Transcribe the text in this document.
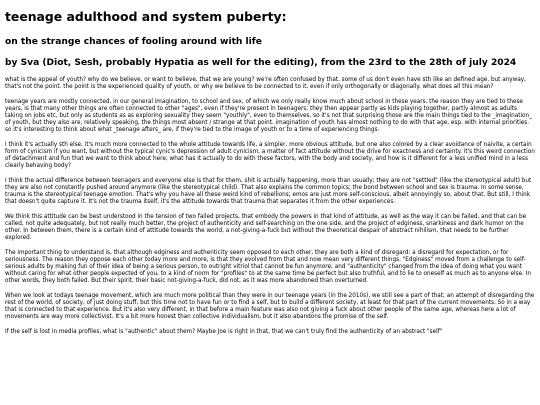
teenage adulthood and system puberty:
on the strange chances of fooling around with life
by Sva (Diot, Sesh, probably Hypatia as well for the editing), from the 23rd to the 28th of july 2024

what is the appeal of youth? why do we believe, or want to believe, that we are young? we're often confused by that. some of us don't even have sth like an defined age. but anyway, that's not the point. the point is the experienced quality of youth, or why we believe to be connected to it, even if only orthogonally or diagonally. what does all this mean?

teenage years are mostly connected, in our general imagination, to school and sex, of which we only really know much about school in these years. the reason they are tied to these years, is that many other things are often connected to other "ages", even if they're present in teenagers; they then appear partly as kids playing together, partly almost as adults taking on jobs etc, but only as students as as exploring sexuality they seem "youthly", even to themselves. so it's not that surprising those are the main things tied to the _imagination_ of youth, but they also are, relatively speaking, the things most absent / strange at that point. imagination of youth has almost nothing to do with that age, esp. with internal priorities. so it's interesting to think about what _teenage afters_ are, if they're tied to the image of youth or to a time of experiencing things.

I think it's actually sth else, it's much more connected to the whole attitude towards life, a simpler, more obvious attitude, but one also colored by a clear avoidance of naivite, a certain form of cynicism if you want, but without the typical cynic's depression of adult cynicism, a matter of fact attitude without the drive for exactness and certainty. it's this weird connection of detachment and fun that we want to think about here; what has it actually to do with these factors, with the body and society, and how is it different for a less unified mind in a less clearly behaving body?

I think the actual difference between teenagers and everyone else is that for them, shit is actually happening, more than usually; they are not "settled" (like the stereotypical adult) but they are also not constantly pushed around anymore (like the stereotypical child). That also explains the common topics; the bond between school and sex is trauma. In some sense, trauma is the stereotypical teenage emotion. That's why you have all these weird kind of rebellions; emos are just more self-conscious, albeit annoyingly so, about that. But still, I think that doesn't quite capture it. It's not the trauma itself, it's the attitude towards that trauma that separates it from the other experiences.

We think this attitude can be best understood in the tension of two failed projects, that embody the powers in that kind of attitude, as well as the way it can be failed, and that can be called, not quite adequately, but not really much better, the project of authenticity and self-searching on the one side, and the project of edginess, snarkiness and dark humor on the other. In between them, there is a certain kind of attitude towards the world, a not-giving-a-fuck but without the theoretical despair of abstract nihilism, that needs to be further explored.

The important thing to understand is, that although edginess and authenticity seem opposed to each other, they are both a kind of disregard: a disregard for expectation, or for seriousness. The reason they oppose each other today more and more, is that they evolved from that and now mean very different things. "Edginess" moved from a challenge to self-serious adults by making fun of their idea of being a serious person, to outright vitriol that cannot be fun anymore; and "authenticity" changed from the idea of doing what you want without caring for what other people expected of you, to a kind of norm for "profiles" to at the same time be perfect but also truthful, and to lie to oneself as much as to anyone else. In other words, they both failed. But their spirit, their basic not-giving-a-fuck, did not, as it was more abandoned than overturned.

When we look at todays teenage movement, which are much more political than they were in our teenage years (in the 2010s), we still see a part of that; an attempt of disregarding the rest of the world, of society, of just doing stuff, but this time not to have fun or to find a self, but to build a different society, at least for that part of the current movements. So in a way that is connected to that experience. But it's also very different, in that before a main feature was also not giving a fuck about other people of the same age, whereas here a lot of movements are way more collectivist. It's a bit more honest than collective individualism, but it also abandons the promise of the self.

If the self is lost in media profiles, what is "authentic" about them? Maybe Joe is right in that, that we can't truly find the authenticity of an abstract "self"
